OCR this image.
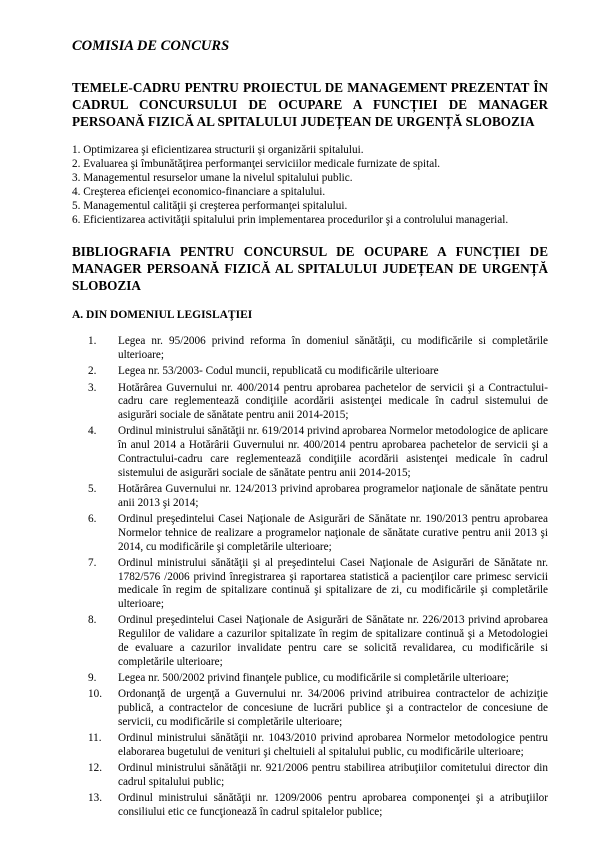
COMISIA DE CONCURS

TEMELE-CADRU PENTRU PROIECTUL DE MANAGEMENT PREZENTAT ÎN CADRUL CONCURSULUI DE OCUPARE A FUNCȚIEI DE MANAGER PERSOANĂ FIZICĂ AL SPITALULUI JUDEȚEAN DE URGENȚĂ SLOBOZIA

1. Optimizarea şi eficientizarea structurii și organizării spitalului.
2. Evaluarea şi îmbunătăţirea performanţei serviciilor medicale furnizate de spital.
3. Managementul resurselor umane la nivelul spitalului public.
4. Creşterea eficienţei economico-financiare a spitalului.
5. Managementul calităţii şi creşterea performanţei spitalului.
6. Eficientizarea activităţii spitalului prin implementarea procedurilor şi a controlului managerial.

BIBLIOGRAFIA PENTRU CONCURSUL DE OCUPARE A FUNCȚIEI DE MANAGER PERSOANĂ FIZICĂ AL SPITALULUI JUDEȚEAN DE URGENȚĂ SLOBOZIA

A. DIN DOMENIUL LEGISLAŢIEI

1. Legea nr. 95/2006 privind reforma în domeniul sănătăţii, cu modificările si completările ulterioare;
2. Legea nr. 53/2003- Codul muncii, republicată cu modificările ulterioare
3. Hotărârea Guvernului nr. 400/2014 pentru aprobarea pachetelor de servicii şi a Contractului-cadru care reglementează condiţiile acordării asistenţei medicale în cadrul sistemului de asigurări sociale de sănătate pentru anii 2014-2015;
4. Ordinul ministrului sănătăţii nr. 619/2014 privind aprobarea Normelor metodologice de aplicare în anul 2014 a Hotărârii Guvernului nr. 400/2014 pentru aprobarea pachetelor de servicii şi a Contractului-cadru care reglementează condiţiile acordării asistenţei medicale în cadrul sistemului de asigurări sociale de sănătate pentru anii 2014-2015;
5. Hotărârea Guvernului nr. 124/2013 privind aprobarea programelor naţionale de sănătate pentru anii 2013 şi 2014;
6. Ordinul preşedintelui Casei Naţionale de Asigurări de Sănătate nr. 190/2013 pentru aprobarea Normelor tehnice de realizare a programelor naţionale de sănătate curative pentru anii 2013 şi 2014, cu modificările şi completările ulterioare;
7. Ordinul ministrului sănătăţii şi al preşedintelui Casei Naţionale de Asigurări de Sănătate nr. 1782/576 /2006 privind înregistrarea şi raportarea statistică a pacienţilor care primesc servicii medicale în regim de spitalizare continuă şi spitalizare de zi, cu modificările şi completările ulterioare;
8. Ordinul preşedintelui Casei Naţionale de Asigurări de Sănătate nr. 226/2013 privind aprobarea Regulilor de validare a cazurilor spitalizate în regim de spitalizare continuă şi a Metodologiei de evaluare a cazurilor invalidate pentru care se solicită revalidarea, cu modificările si completările ulterioare;
9. Legea nr. 500/2002 privind finanţele publice, cu modificările si completările ulterioare;
10. Ordonanţă de urgenţă a Guvernului nr. 34/2006 privind atribuirea contractelor de achiziţie publică, a contractelor de concesiune de lucrări publice şi a contractelor de concesiune de servicii, cu modificările si completările ulterioare;
11. Ordinul ministrului sănătăţii nr. 1043/2010 privind aprobarea Normelor metodologice pentru elaborarea bugetului de venituri şi cheltuieli al spitalului public, cu modificările ulterioare;
12. Ordinul ministrului sănătăţii nr. 921/2006 pentru stabilirea atribuţiilor comitetului director din cadrul spitalului public;
13. Ordinul ministrului sănătăţii nr. 1209/2006 pentru aprobarea componenţei şi a atribuţiilor consiliului etic ce funcţionează în cadrul spitalelor publice;
